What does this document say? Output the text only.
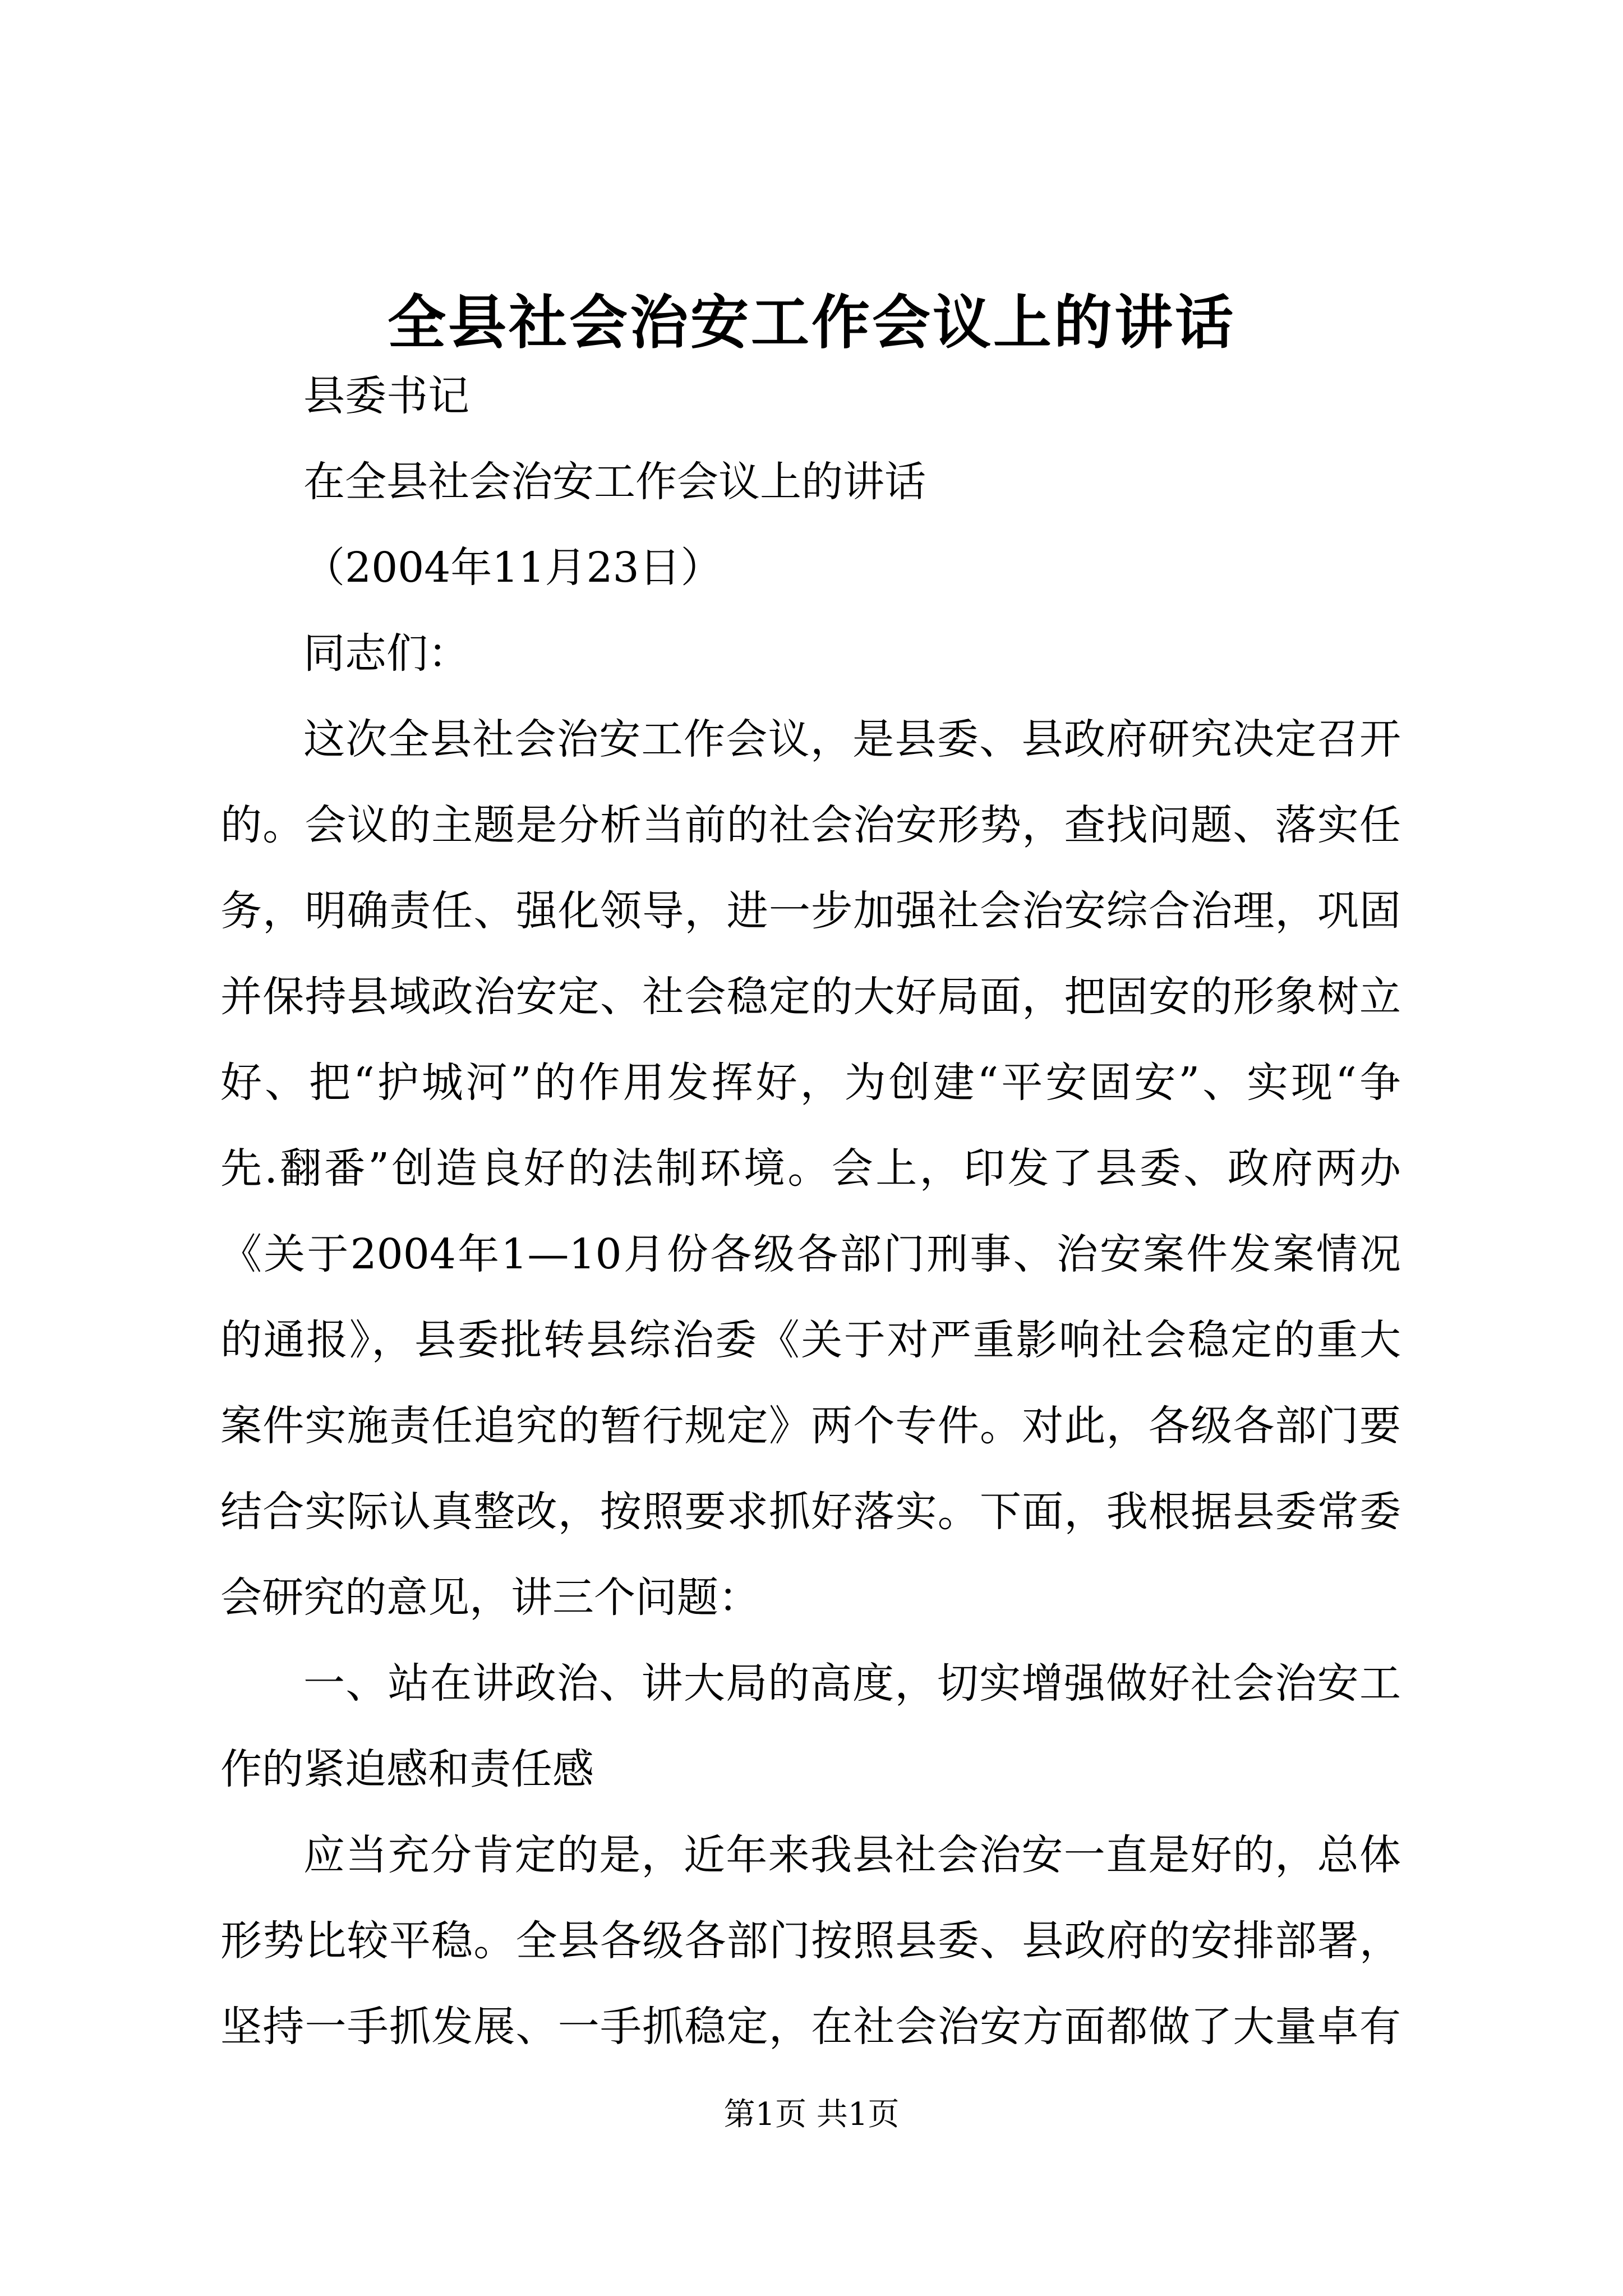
全县社会治安工作会议上的讲话
县委书记
在全县社会治安工作会议上的讲话
（2004年11月23日）
同志们：
这次全县社会治安工作会议，是县委、县政府研究决定召开
的。会议的主题是分析当前的社会治安形势，查找问题、落实任
务，明确责任、强化领导，进一步加强社会治安综合治理，巩固
并保持县域政治安定、社会稳定的大好局面，把固安的形象树立
好、把“护城河”的作用发挥好，为创建“平安固安”、实现“争
先.翻番”创造良好的法制环境。会上，印发了县委、政府两办
《关于2004年1—10月份各级各部门刑事、治安案件发案情况
的通报》，县委批转县综治委《关于对严重影响社会稳定的重大
案件实施责任追究的暂行规定》两个专件。对此，各级各部门要
结合实际认真整改，按照要求抓好落实。下面，我根据县委常委
会研究的意见，讲三个问题：
一、站在讲政治、讲大局的高度，切实增强做好社会治安工
作的紧迫感和责任感
应当充分肯定的是，近年来我县社会治安一直是好的，总体
形势比较平稳。全县各级各部门按照县委、县政府的安排部署，
坚持一手抓发展、一手抓稳定，在社会治安方面都做了大量卓有
第1页 共1页
